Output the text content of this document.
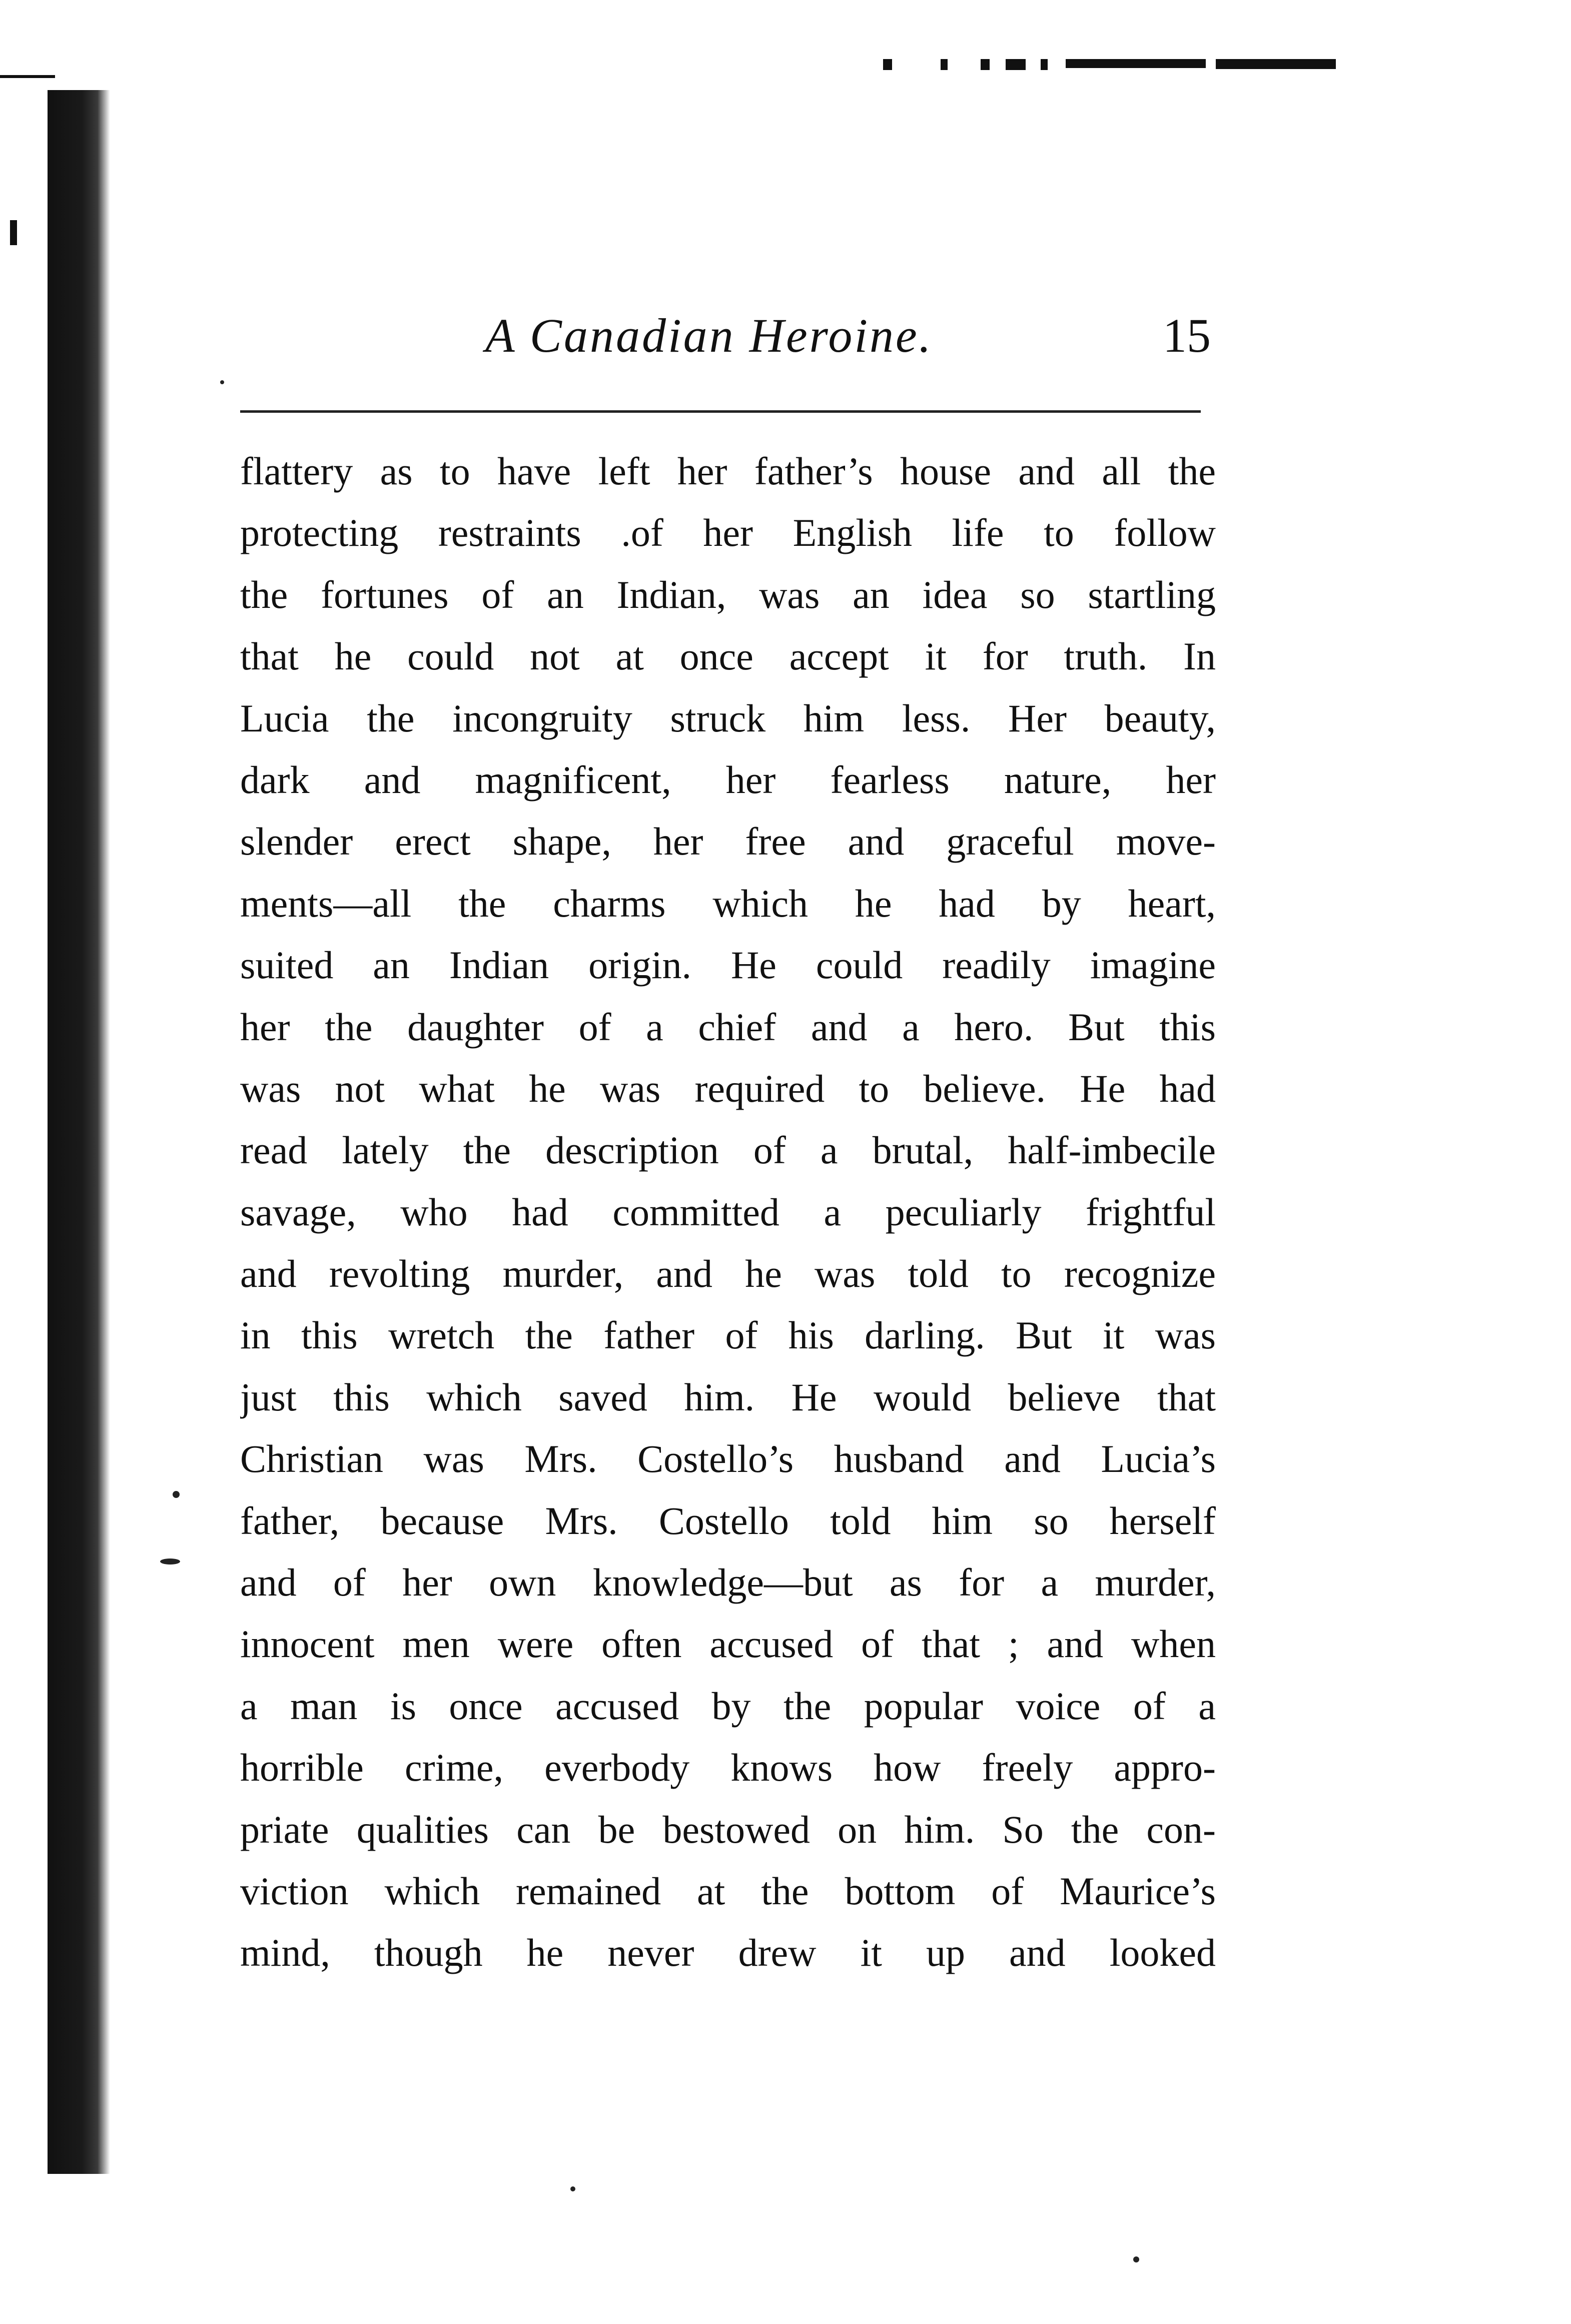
A Canadian Heroine.	15
flattery as to have left her father’s house and all the
protecting restraints .of her English life to follow
the fortunes of an Indian, was an idea so startling
that he could not at once accept it for truth. In
Lucia the incongruity struck him less. Her beauty,
dark and magnificent, her fearless nature, her
slender erect shape, her free and graceful move-
ments—all the charms which he had by heart,
suited an Indian origin. He could readily imagine
her the daughter of a chief and a hero. But this
was not what he was required to believe. He had
read lately the description of a brutal, half-imbecile
savage, who had committed a peculiarly frightful
and revolting murder, and he was told to recognize
in this wretch the father of his darling. But it was
just this which saved him. He would believe that
Christian was Mrs. Costello’s husband and Lucia’s
father, because Mrs. Costello told him so herself
and of her own knowledge—but as for a murder,
innocent men were often accused of that ; and when
a man is once accused by the popular voice of a
horrible crime, everbody knows how freely appro-
priate qualities can be bestowed on him. So the con-
viction which remained at the bottom of Maurice’s
mind, though he never drew it up and looked
